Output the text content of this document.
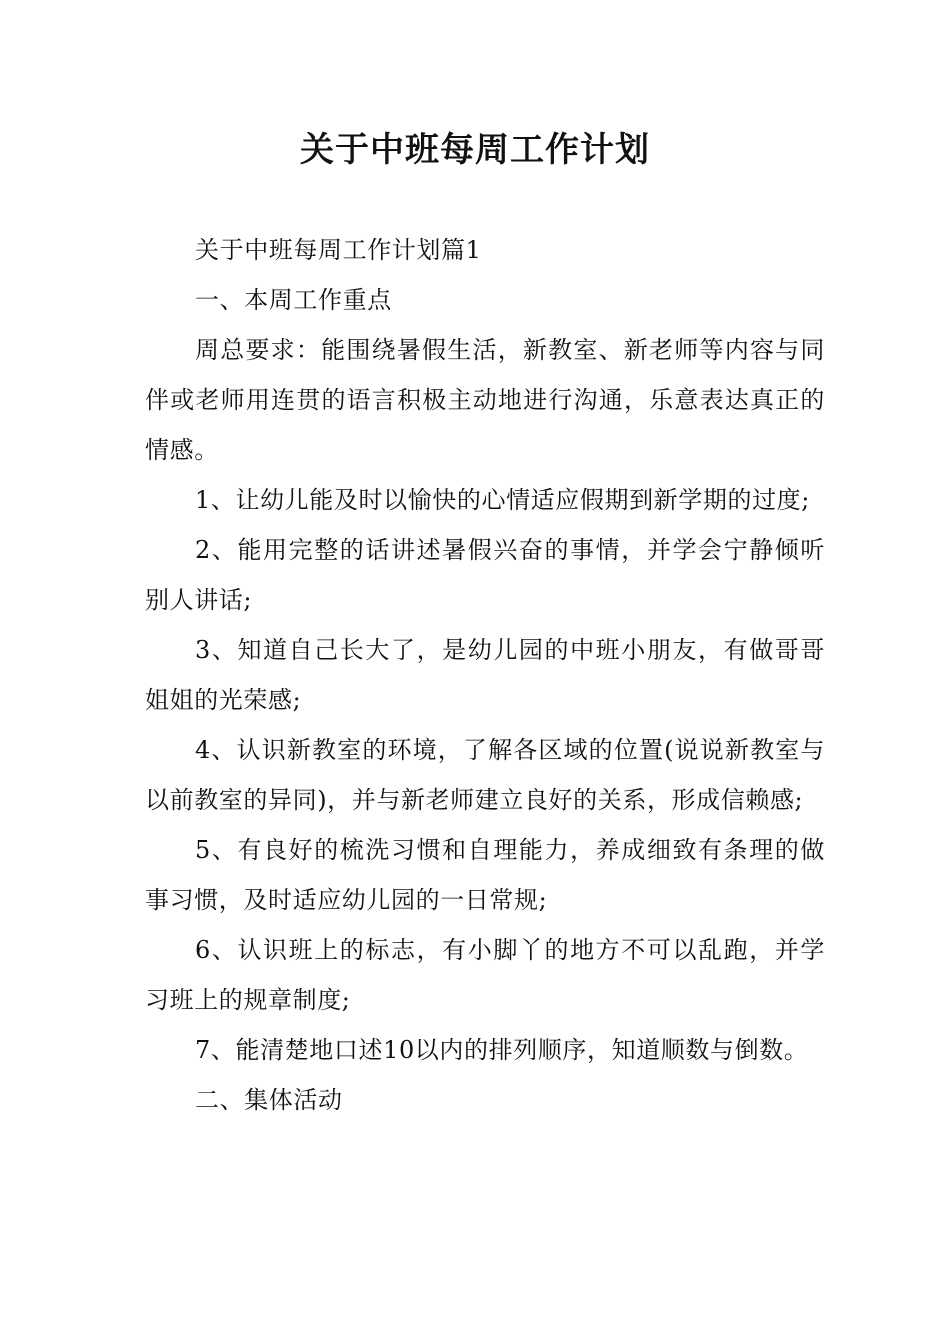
关于中班每周工作计划

关于中班每周工作计划篇1

一、本周工作重点

周总要求：能围绕暑假生活，新教室、新老师等内容与同伴或老师用连贯的语言积极主动地进行沟通，乐意表达真正的情感。

1、让幼儿能及时以愉快的心情适应假期到新学期的过度;

2、能用完整的话讲述暑假兴奋的事情，并学会宁静倾听别人讲话;

3、知道自己长大了，是幼儿园的中班小朋友，有做哥哥姐姐的光荣感;

4、认识新教室的环境，了解各区域的位置(说说新教室与以前教室的异同)，并与新老师建立良好的关系，形成信赖感;

5、有良好的梳洗习惯和自理能力，养成细致有条理的做事习惯，及时适应幼儿园的一日常规;

6、认识班上的标志，有小脚丫的地方不可以乱跑，并学习班上的规章制度;

7、能清楚地口述10以内的排列顺序，知道顺数与倒数。

二、集体活动
